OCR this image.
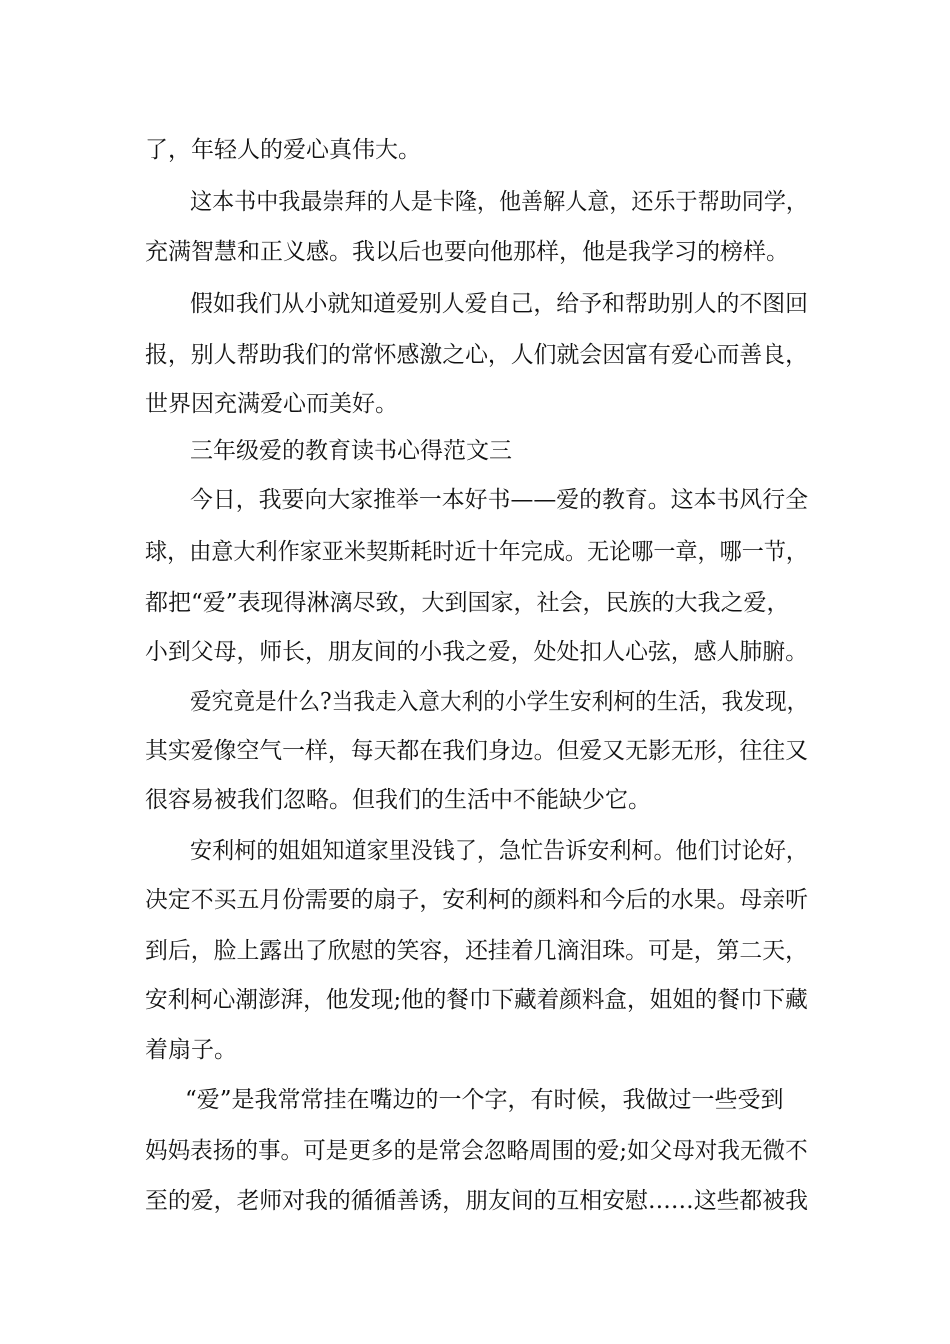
了，年轻人的爱心真伟大。
这本书中我最崇拜的人是卡隆，他善解人意，还乐于帮助同学，
充满智慧和正义感。我以后也要向他那样，他是我学习的榜样。
假如我们从小就知道爱别人爱自己，给予和帮助别人的不图回
报，别人帮助我们的常怀感激之心，人们就会因富有爱心而善良，
世界因充满爱心而美好。
三年级爱的教育读书心得范文三
今日，我要向大家推举一本好书——爱的教育。这本书风行全
球，由意大利作家亚米契斯耗时近十年完成。无论哪一章，哪一节，
都把“爱”表现得淋漓尽致，大到国家，社会，民族的大我之爱，
小到父母，师长，朋友间的小我之爱，处处扣人心弦，感人肺腑。
爱究竟是什么?当我走入意大利的小学生安利柯的生活，我发现，
其实爱像空气一样，每天都在我们身边。但爱又无影无形，往往又
很容易被我们忽略。但我们的生活中不能缺少它。
安利柯的姐姐知道家里没钱了，急忙告诉安利柯。他们讨论好，
决定不买五月份需要的扇子，安利柯的颜料和今后的水果。母亲听
到后，脸上露出了欣慰的笑容，还挂着几滴泪珠。可是，第二天，
安利柯心潮澎湃，他发现;他的餐巾下藏着颜料盒，姐姐的餐巾下藏
着扇子。
“爱”是我常常挂在嘴边的一个字，有时候，我做过一些受到
妈妈表扬的事。可是更多的是常会忽略周围的爱;如父母对我无微不
至的爱，老师对我的循循善诱，朋友间的互相安慰……这些都被我
